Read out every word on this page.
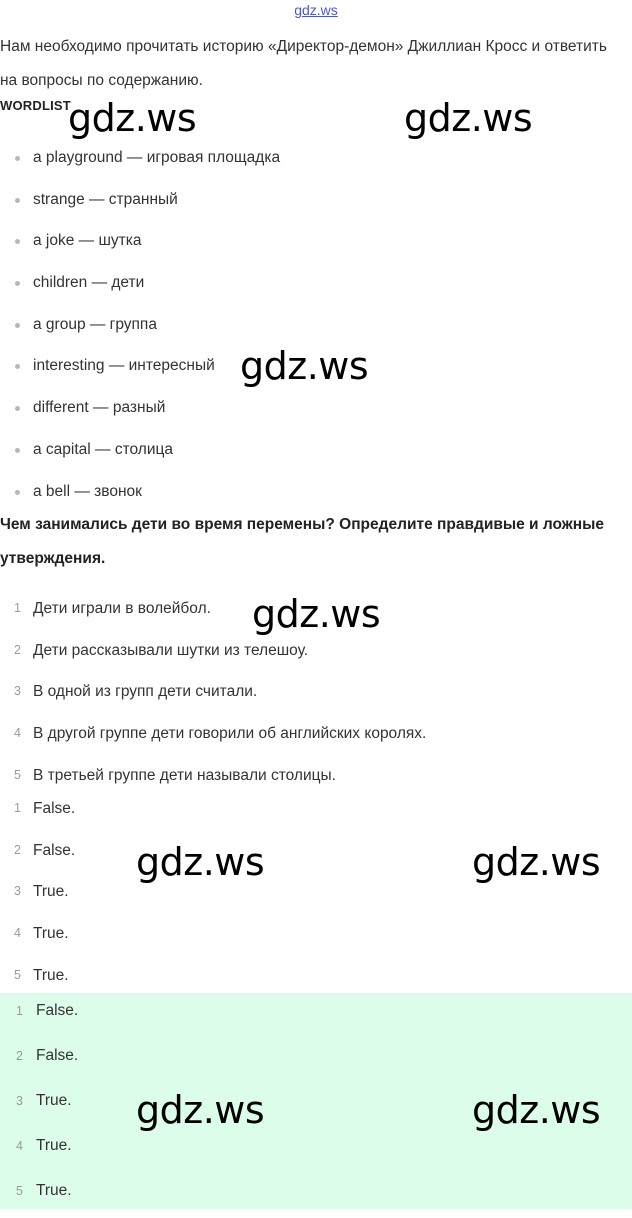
gdz.ws
Нам необходимо прочитать историю «Директор-демон» Джиллиан Кросс и ответить на вопросы по содержанию.
WORDLIST
a playground — игровая площадка
strange — странный
a joke — шутка
children — дети
a group — группа
interesting — интересный
different — разный
a capital — столица
a bell — звонок
Чем занимались дети во время перемены? Определите правдивые и ложные утверждения.
1 Дети играли в волейбол.
2 Дети рассказывали шутки из телешоу.
3 В одной из групп дети считали.
4 В другой группе дети говорили об английских королях.
5 В третьей группе дети называли столицы.
1 False.
2 False.
3 True.
4 True.
5 True.
1 False.
2 False.
3 True.
4 True.
5 True.
gdz.ws	gdz.ws
gdz.ws
gdz.ws
gdz.ws	gdz.ws
gdz.ws	gdz.ws
